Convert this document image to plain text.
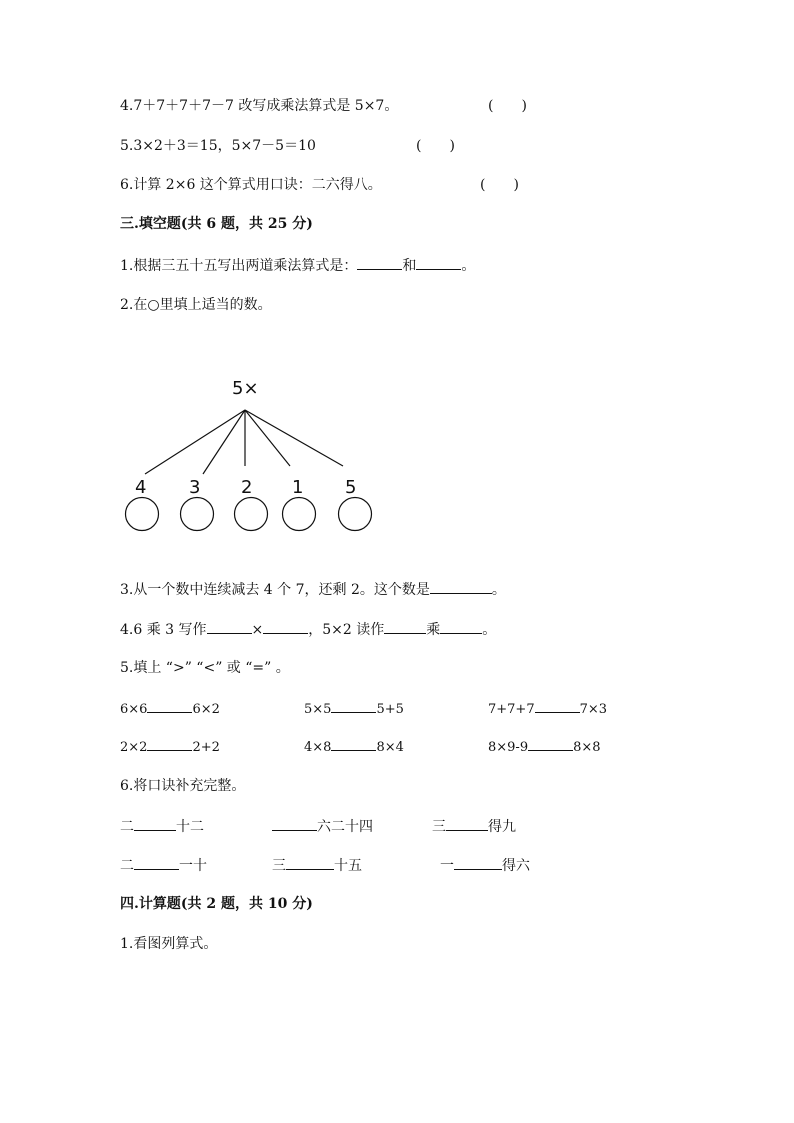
4.7＋7＋7＋7－7 改写成乘法算式是 5×7。	(　　)
5.3×2＋3＝15，5×7－5＝10	(　　)
6.计算 2×6 这个算式用口诀：二六得八。	(　　)
三.填空题(共 6 题，共 25 分)
1.根据三五十五写出两道乘法算式是：	和	。
2.在○里填上适当的数。
5×
4 3 2 1 5
3.从一个数中连续减去 4 个 7，还剩 2。这个数是	。
4.6 乘 3 写作	×	，5×2 读作	乘	。
5.填上 “>” “<” 或 “=” 。
6×6	6×2	5×5	5+5	7+7+7	7×3
2×2	2+2	4×8	8×4	8×9-9	8×8
6.将口诀补充完整。
二	十二	六二十四	三	得九
二	一十	三	十五	一	得六
四.计算题(共 2 题，共 10 分)
1.看图列算式。
